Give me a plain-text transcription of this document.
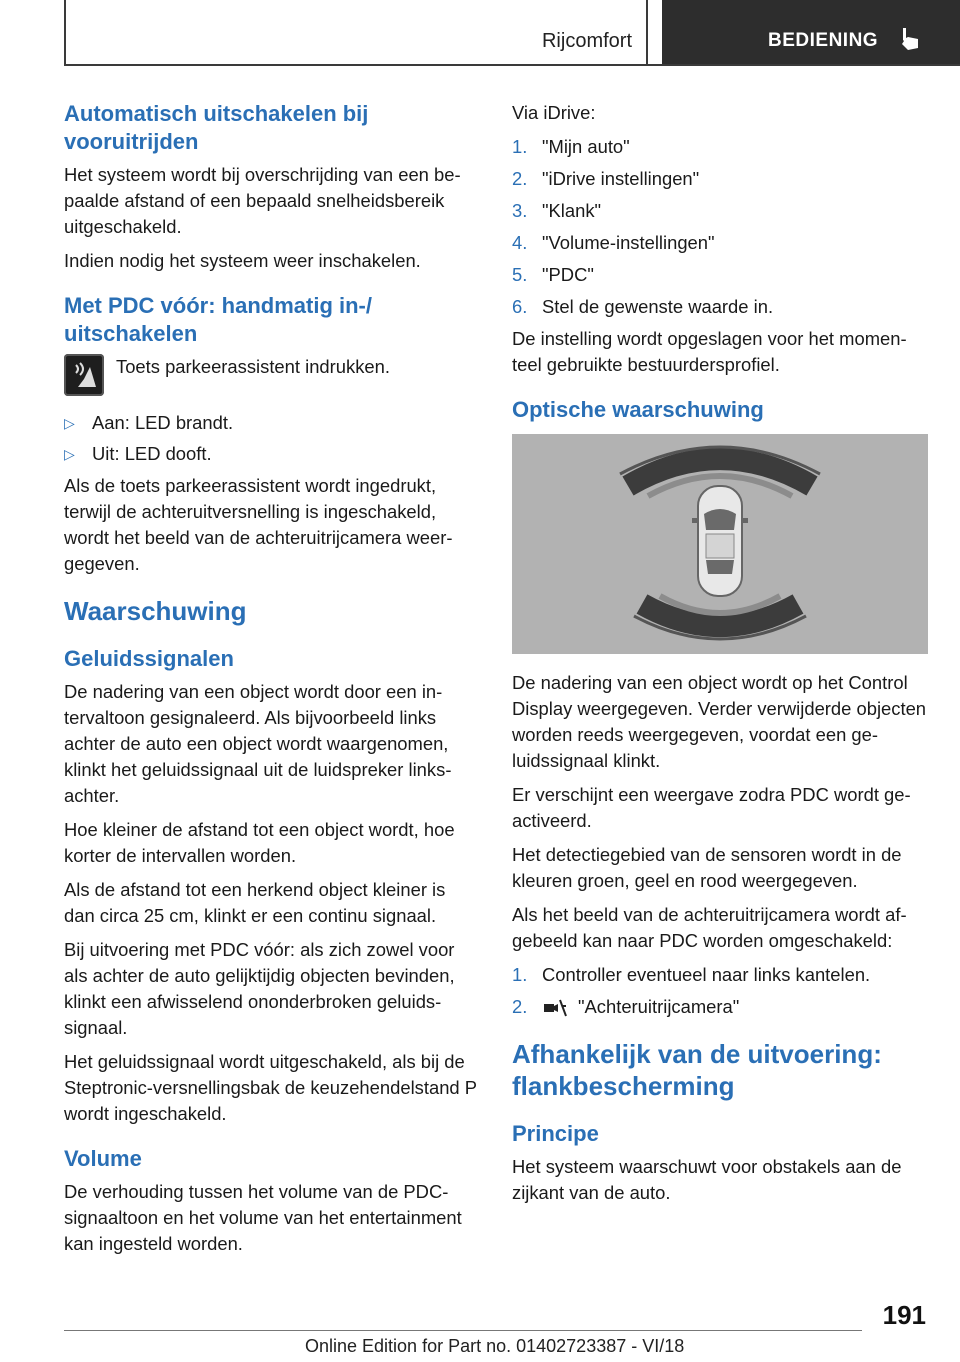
Rijcomfort	BEDIENING
Automatisch uitschakelen bij vooruitrijden

Het systeem wordt bij overschrijding van een bepaalde afstand of een bepaald snelheidsbereik uitgeschakeld.

Indien nodig het systeem weer inschakelen.

Met PDC vóór: handmatig in-/ uitschakelen

Toets parkeerassistent indrukken.

▷ Aan: LED brandt.
▷ Uit: LED dooft.

Als de toets parkeerassistent wordt ingedrukt, terwijl de achteruitversnelling is ingeschakeld, wordt het beeld van de achteruitrijcamera weergegeven.

Waarschuwing
Geluidssignalen

De nadering van een object wordt door een intervaltoon gesignaleerd. Als bijvoorbeeld links achter de auto een object wordt waargenomen, klinkt het geluidssignaal uit de luidspreker linksachter.

Hoe kleiner de afstand tot een object wordt, hoe korter de intervallen worden.

Als de afstand tot een herkend object kleiner is dan circa 25 cm, klinkt er een continu signaal.

Bij uitvoering met PDC vóór: als zich zowel voor als achter de auto gelijktijdig objecten bevinden, klinkt een afwisselend ononderbroken geluidssignaal.

Het geluidssignaal wordt uitgeschakeld, als bij de Steptronic-versnellingsbak de keuzehendelstand P wordt ingeschakeld.

Volume

De verhouding tussen het volume van de PDC-signaaltoon en het volume van het entertainment kan ingesteld worden.

Via iDrive:

1. "Mijn auto"
2. "iDrive instellingen"
3. "Klank"
4. "Volume-instellingen"
5. "PDC"
6. Stel de gewenste waarde in.

De instelling wordt opgeslagen voor het momenteel gebruikte bestuurdersprofiel.

Optische waarschuwing

De nadering van een object wordt op het Control Display weergegeven. Verder verwijderde objecten worden reeds weergegeven, voordat een geluidssignaal klinkt.

Er verschijnt een weergave zodra PDC wordt geactiveerd.

Het detectiegebied van de sensoren wordt in de kleuren groen, geel en rood weergegeven.

Als het beeld van de achteruitrijcamera wordt afgebeeld kan naar PDC worden omgeschakeld:

1. Controller eventueel naar links kantelen.
2.	"Achteruitrijcamera"
Afhankelijk van de uitvoering: flankbescherming
Principe

Het systeem waarschuwt voor obstakels aan de zijkant van de auto.

191
Online Edition for Part no. 01402723387 - VI/18
